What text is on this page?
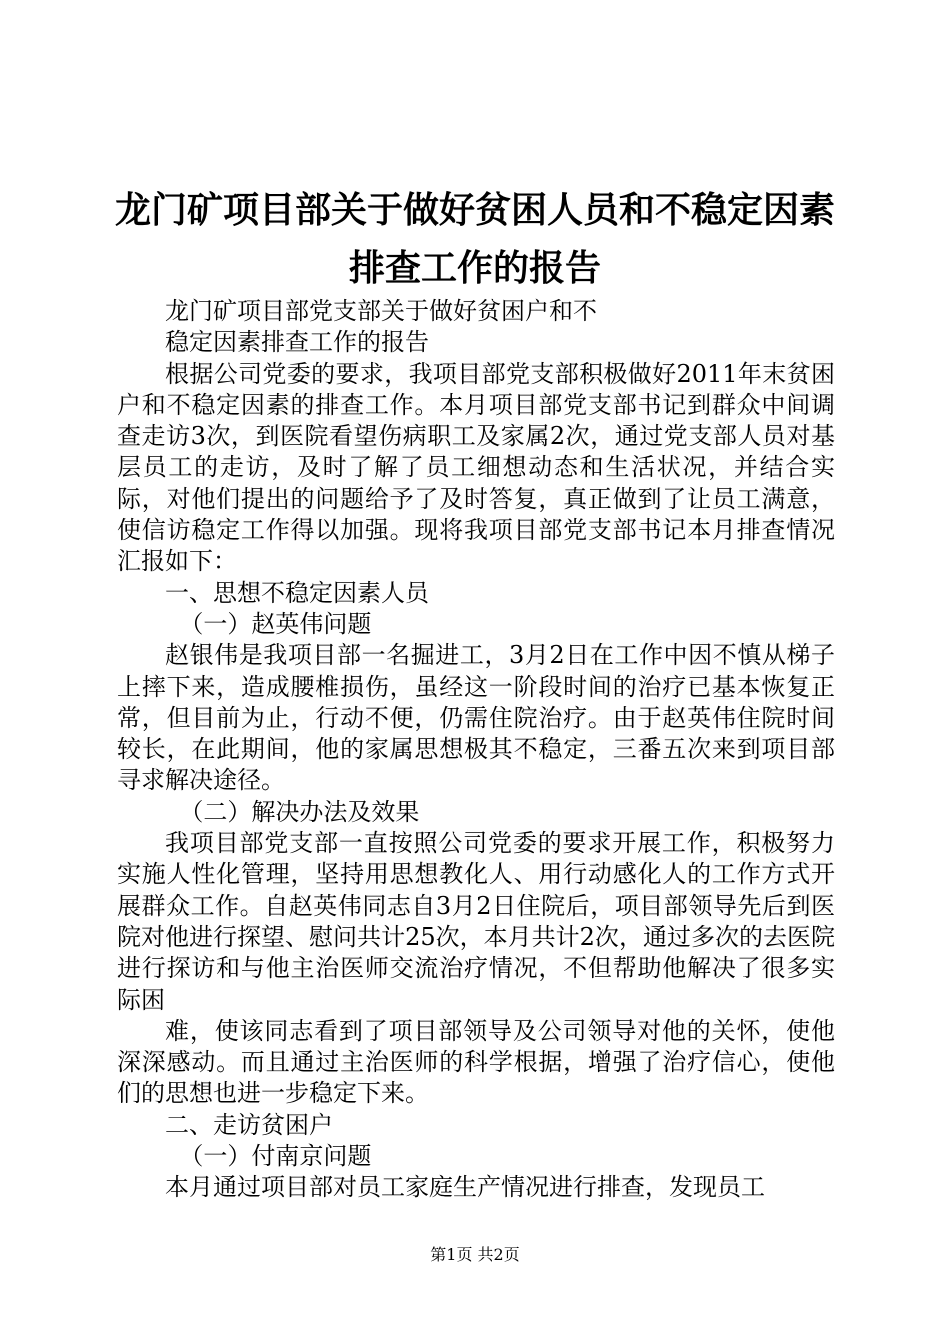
龙门矿项目部关于做好贫困人员和不稳定因素
排查工作的报告

龙门矿项目部党支部关于做好贫困户和不

稳定因素排查工作的报告

根据公司党委的要求，我项目部党支部积极做好2011年末贫困户和不稳定因素的排查工作。本月项目部党支部书记到群众中间调查走访3次，到医院看望伤病职工及家属2次，通过党支部人员对基层员工的走访，及时了解了员工细想动态和生活状况，并结合实际，对他们提出的问题给予了及时答复，真正做到了让员工满意，使信访稳定工作得以加强。现将我项目部党支部书记本月排查情况汇报如下：

一、思想不稳定因素人员

（一）赵英伟问题

赵银伟是我项目部一名掘进工，3月2日在工作中因不慎从梯子上摔下来，造成腰椎损伤，虽经这一阶段时间的治疗已基本恢复正常，但目前为止，行动不便，仍需住院治疗。由于赵英伟住院时间较长，在此期间，他的家属思想极其不稳定，三番五次来到项目部寻求解决途径。

（二）解决办法及效果

我项目部党支部一直按照公司党委的要求开展工作，积极努力实施人性化管理，坚持用思想教化人、用行动感化人的工作方式开展群众工作。自赵英伟同志自3月2日住院后，项目部领导先后到医院对他进行探望、慰问共计25次，本月共计2次，通过多次的去医院进行探访和与他主治医师交流治疗情况，不但帮助他解决了很多实际困

难，使该同志看到了项目部领导及公司领导对他的关怀，使他深深感动。而且通过主治医师的科学根据，增强了治疗信心，使他们的思想也进一步稳定下来。

二、走访贫困户

（一）付南京问题

本月通过项目部对员工家庭生产情况进行排查，发现员工

第1页 共2页
